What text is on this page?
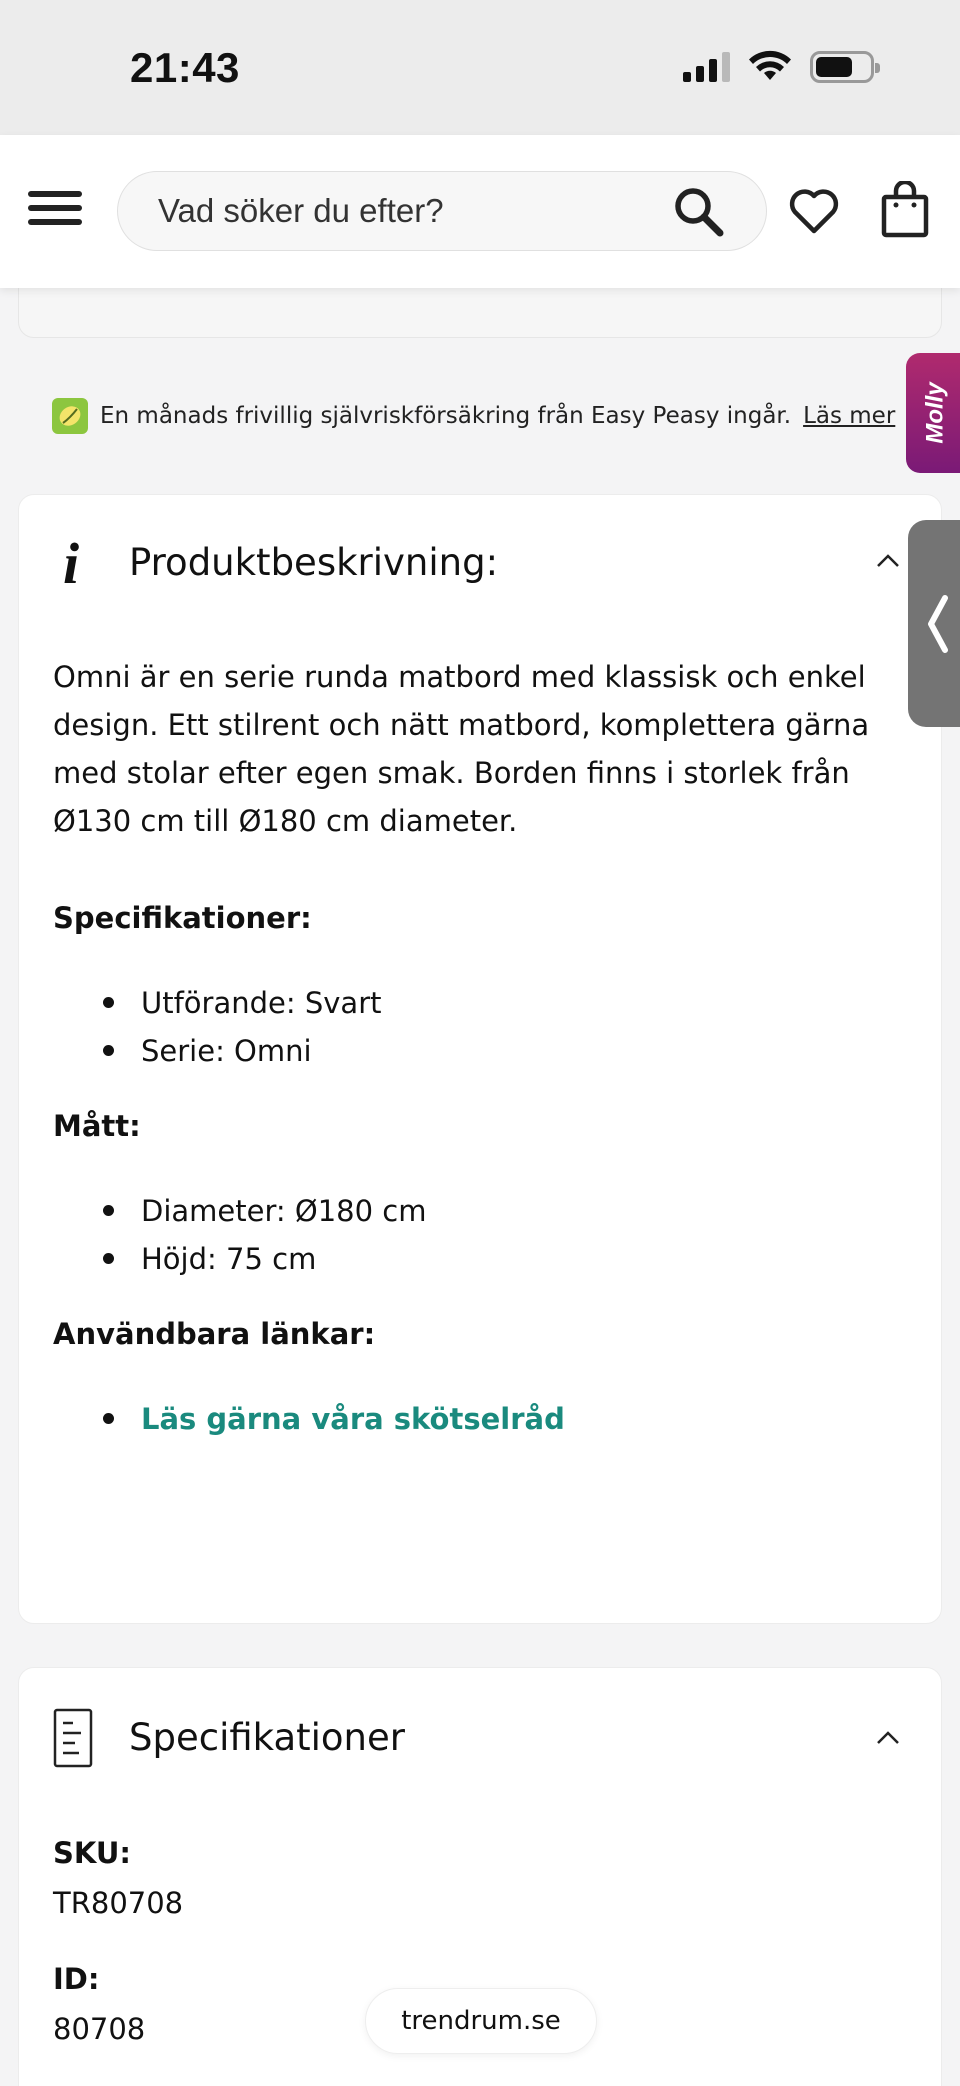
21:43
Vad söker du efter?
En månads frivillig självriskförsäkring från Easy Peasy ingår. Läs mer Molly
i Produktbeskrivning:

Omni är en serie runda matbord med klassisk och enkel design. Ett stilrent och nätt matbord, komplettera gärna med stolar efter egen smak. Borden finns i storlek från Ø130 cm till Ø180 cm diameter.

Specifikationer:
Utförande: Svart
Serie: Omni
Mått:
Diameter: Ø180 cm
Höjd: 75 cm
Användbara länkar:
Läs gärna våra skötselråd
Specifikationer
SKU:
TR80708
ID:
80708	trendrum.se
